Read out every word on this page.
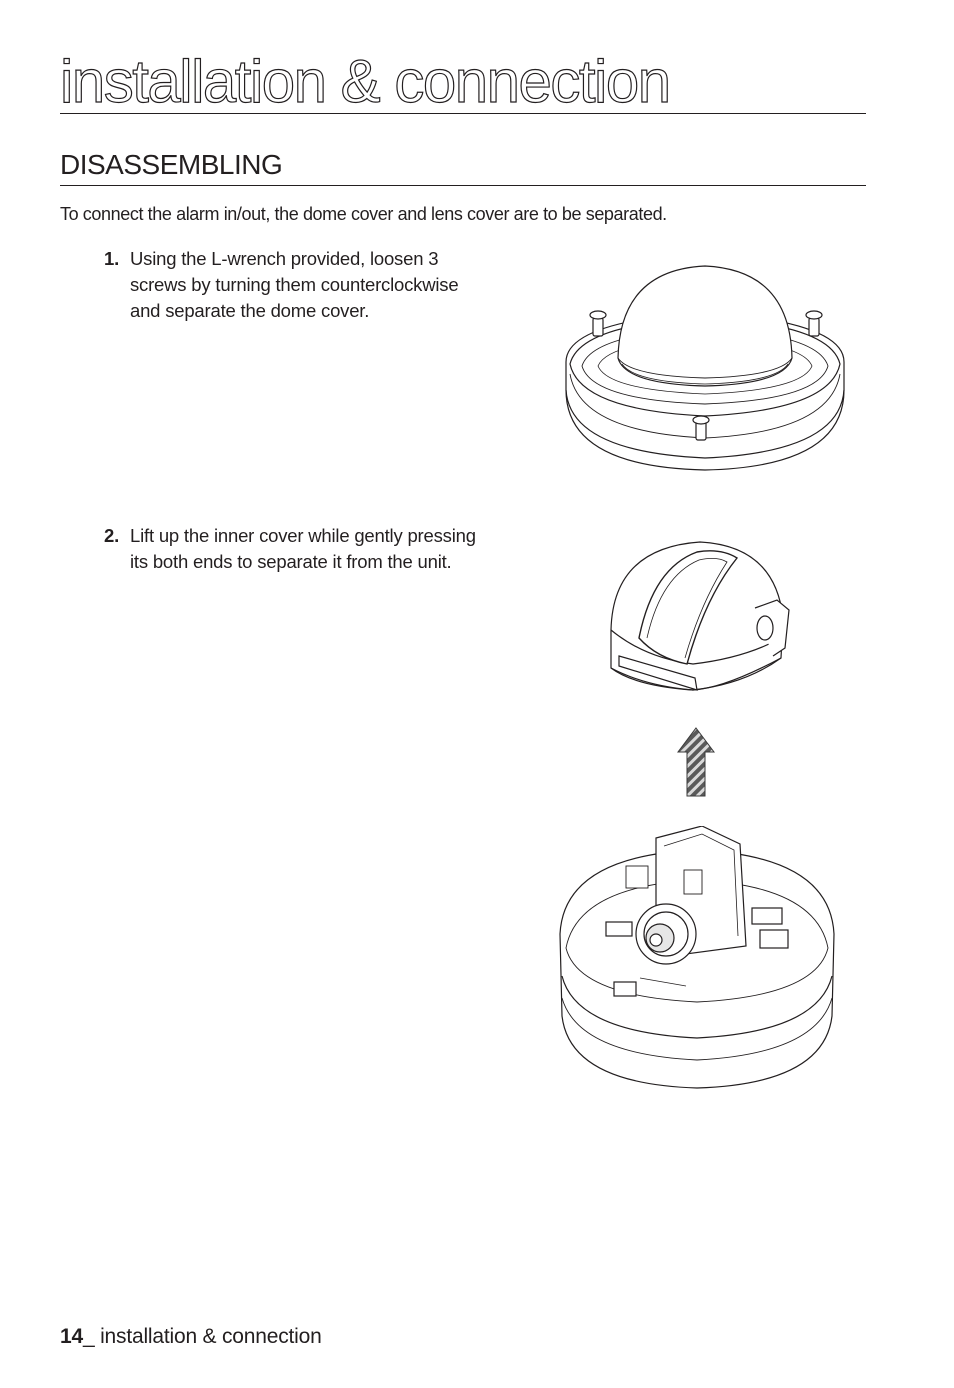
installation & connection
DISASSEMBLING

To connect the alarm in/out, the dome cover and lens cover are to be separated.

1. Using the L-wrench provided, loosen 3
screws by turning them counterclockwise
and separate the dome cover.
2. Lift up the inner cover while gently pressing
its both ends to separate it from the unit.
14_ installation & connection
